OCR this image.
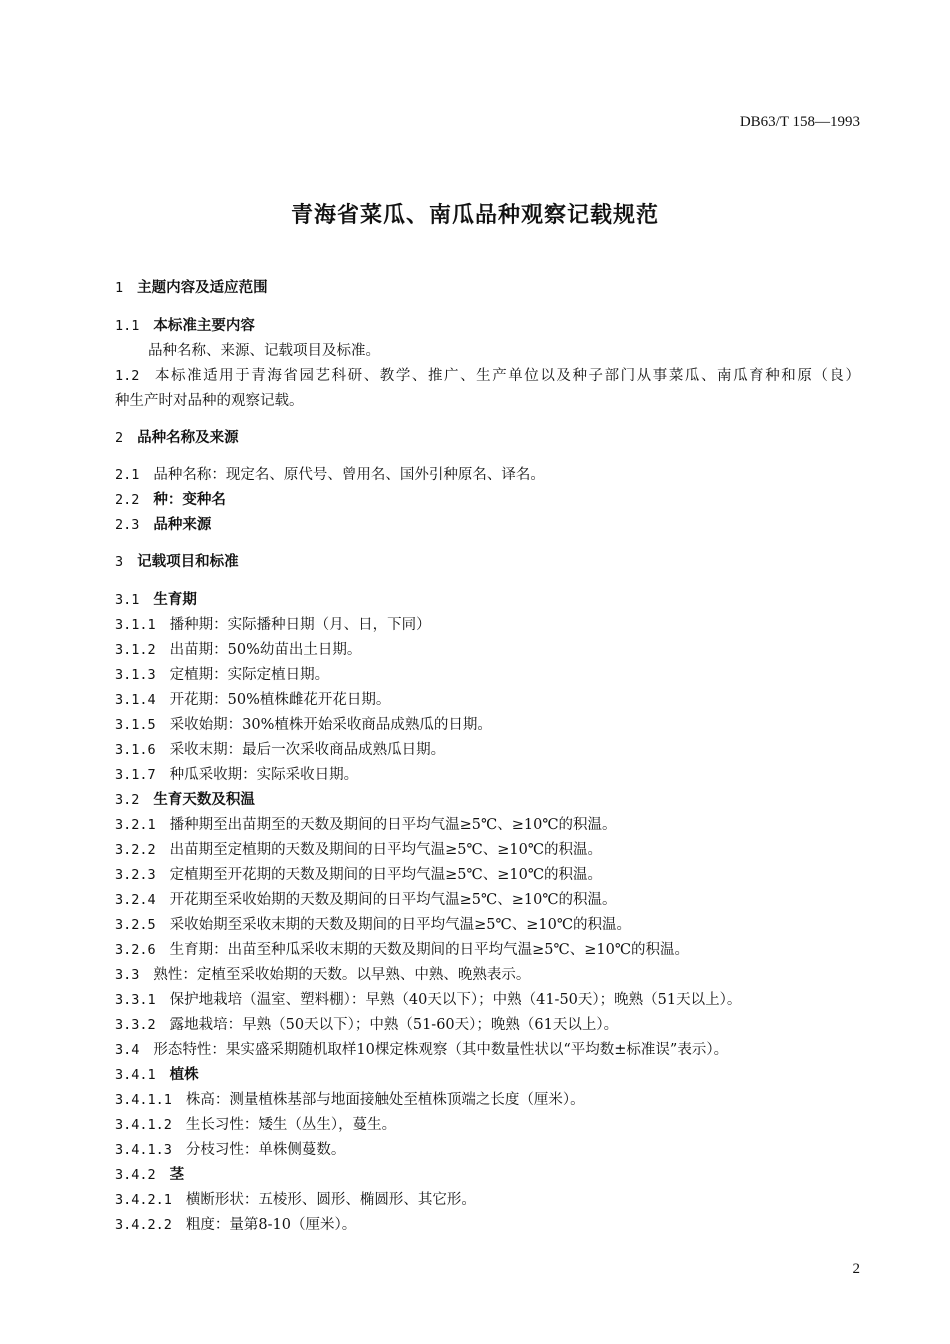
DB63/T 158—1993
青海省菜瓜、南瓜品种观察记载规范
1 主题内容及适应范围
1.1 本标准主要内容
品种名称、来源、记载项目及标准。
1.2 本标准适用于青海省园艺科研、教学、推广、生产单位以及种子部门从事菜瓜、南瓜育种和原（良）
种生产时对品种的观察记载。
2 品种名称及来源
2.1 品种名称：现定名、原代号、曾用名、国外引种原名、译名。
2.2 种：变种名
2.3 品种来源
3 记载项目和标准
3.1 生育期
3.1.1 播种期：实际播种日期（月、日，下同）
3.1.2 出苗期：50%幼苗出土日期。
3.1.3 定植期：实际定植日期。
3.1.4 开花期：50%植株雌花开花日期。
3.1.5 采收始期：30%植株开始采收商品成熟瓜的日期。
3.1.6 采收末期：最后一次采收商品成熟瓜日期。
3.1.7 种瓜采收期：实际采收日期。
3.2 生育天数及积温
3.2.1 播种期至出苗期至的天数及期间的日平均气温≥5℃、≥10℃的积温。
3.2.2 出苗期至定植期的天数及期间的日平均气温≥5℃、≥10℃的积温。
3.2.3 定植期至开花期的天数及期间的日平均气温≥5℃、≥10℃的积温。
3.2.4 开花期至采收始期的天数及期间的日平均气温≥5℃、≥10℃的积温。
3.2.5 采收始期至采收末期的天数及期间的日平均气温≥5℃、≥10℃的积温。
3.2.6 生育期：出苗至种瓜采收末期的天数及期间的日平均气温≥5℃、≥10℃的积温。
3.3 熟性：定植至采收始期的天数。以早熟、中熟、晚熟表示。
3.3.1 保护地栽培（温室、塑料棚）：早熟（40天以下）；中熟（41-50天）；晚熟（51天以上）。
3.3.2 露地栽培：早熟（50天以下）；中熟（51-60天）；晚熟（61天以上）。
3.4 形态特性：果实盛采期随机取样10棵定株观察（其中数量性状以“平均数±标准误”表示）。
3.4.1 植株
3.4.1.1 株高：测量植株基部与地面接触处至植株顶端之长度（厘米）。
3.4.1.2 生长习性：矮生（丛生），蔓生。
3.4.1.3 分枝习性：单株侧蔓数。
3.4.2 茎
3.4.2.1 横断形状：五棱形、圆形、椭圆形、其它形。
3.4.2.2 粗度：量第8-10（厘米）。
2
